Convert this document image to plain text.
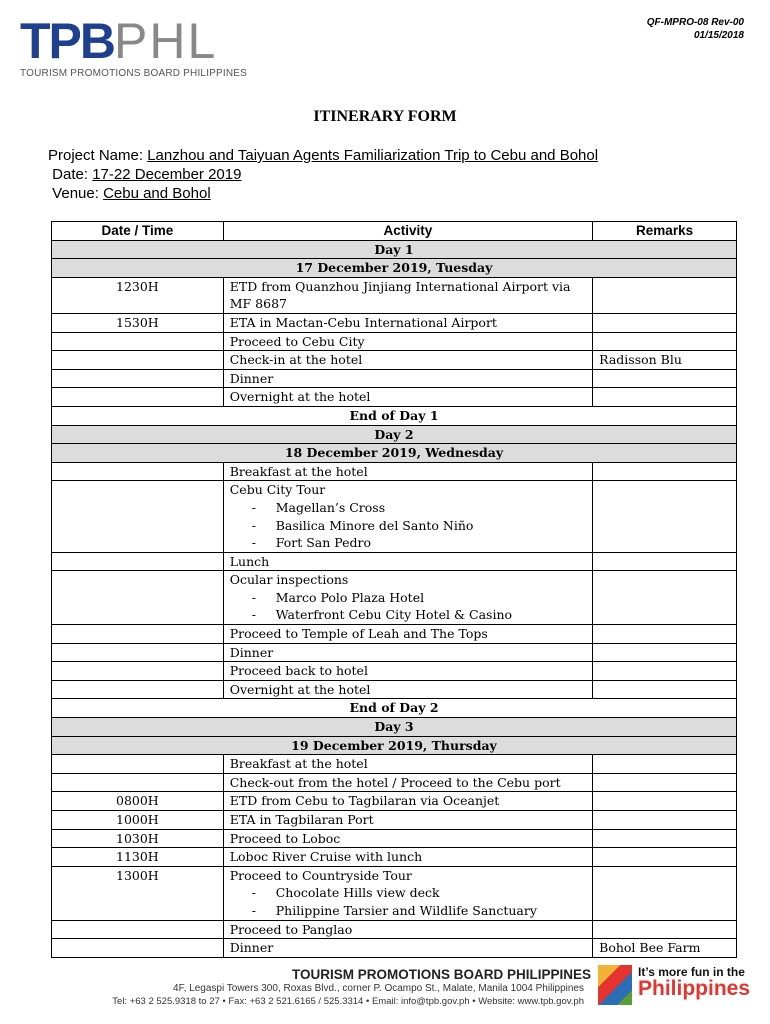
TPBPHL
TOURISM PROMOTIONS BOARD PHILIPPINES
QF-MPRO-08 Rev-00
01/15/2018
ITINERARY FORM
Project Name: Lanzhou and Taiyuan Agents Familiarization Trip to Cebu and Bohol
Date: 17-22 December 2019
Venue: Cebu and Bohol
Date / Time	Activity	Remarks
Day 1		
17 December 2019, Tuesday		
1230H	ETD from Quanzhou Jinjiang International Airport via MF 8687	
1530H	ETA in Mactan-Cebu International Airport	
	Proceed to Cebu City	
	Check-in at the hotel	Radisson Blu
	Dinner	
	Overnight at the hotel	
End of Day 1		
Day 2		
18 December 2019, Wednesday		
	Breakfast at the hotel	

	Cebu City Tour
- Magellan’s Cross
- Basilica Minore del Santo Niño
- Fort San Pedro	

	Lunch	

	Ocular inspections
- Marco Polo Plaza Hotel
- Waterfront Cebu City Hotel & Casino	

	Proceed to Temple of Leah and The Tops	
	Dinner	
	Proceed back to hotel	
	Overnight at the hotel	
End of Day 2		
Day 3		
19 December 2019, Thursday		
	Breakfast at the hotel	
	Check-out from the hotel / Proceed to the Cebu port	
0800H	ETD from Cebu to Tagbilaran via Oceanjet	
1000H	ETA in Tagbilaran Port	
1030H	Proceed to Loboc	
1130H	Loboc River Cruise with lunch	
1300H	Proceed to Countryside Tour
- Chocolate Hills view deck
- Philippine Tarsier and Wildlife Sanctuary	

	Proceed to Panglao	
	Dinner	Bohol Bee Farm
TOURISM PROMOTIONS BOARD PHILIPPINES
4F, Legaspi Towers 300, Roxas Blvd., corner P. Ocampo St., Malate, Manila 1004 Philippines
Tel: +63 2 525.9318 to 27 • Fax: +63 2 521.6165 / 525.3314 • Email: info@tpb.gov.ph • Website: www.tpb.gov.ph
It’s more fun in the
Philippines
